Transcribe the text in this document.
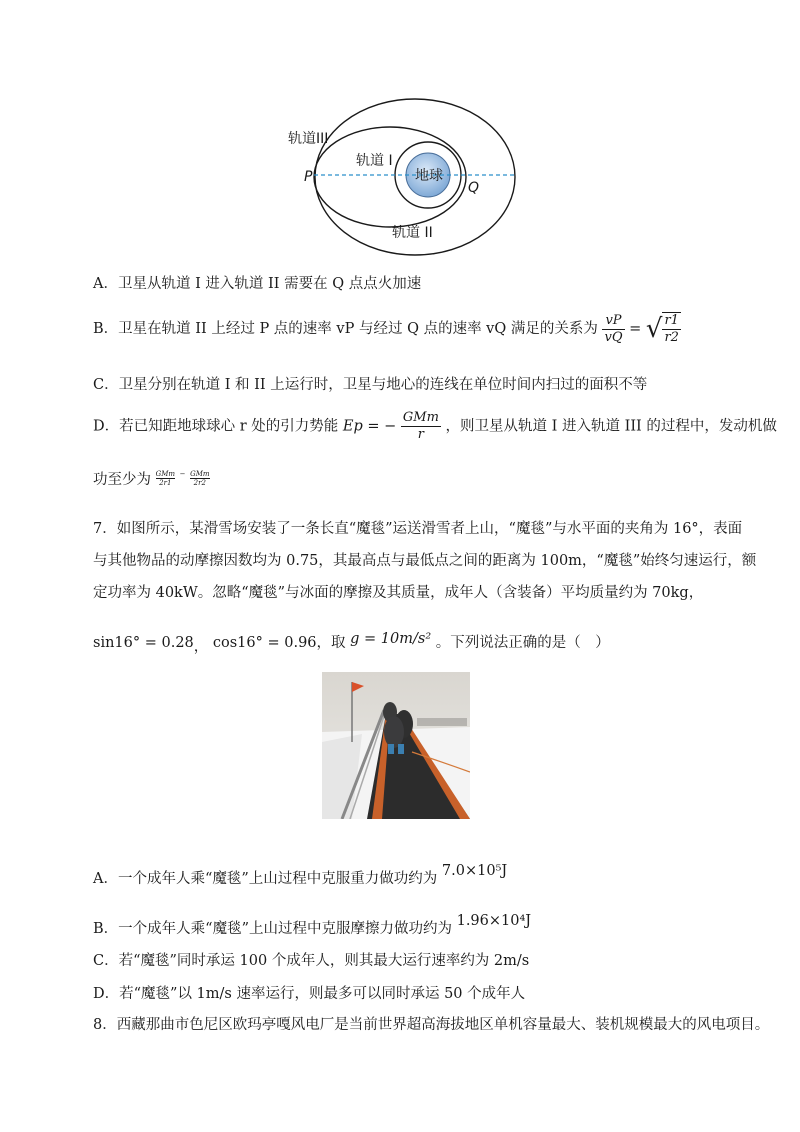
地球
轨道III
轨道 I
轨道 II
P
Q
A．卫星从轨道 I 进入轨道 II 需要在 Q 点点火加速
B．卫星在轨道 II 上经过 P 点的速率 vP 与经过 Q 点的速率 vQ 满足的关系为 $\frac{vP}{vQ}$ = √ $\frac{r1}{r2}$
C．卫星分别在轨道 I 和 II 上运行时，卫星与地心的连线在单位时间内扫过的面积不等
D．若已知距地球球心 r 处的引力势能 Ep = − $\frac{\text{GMm}}{r}$ ，则卫星从轨道 I 进入轨道 III 的过程中，发动机做
功至少为 $\frac{\text{GMm}}{2r1} ^- \frac{\text{GMm}}{2r2}$
7．如图所示，某滑雪场安装了一条长直“魔毯”运送滑雪者上山，“魔毯”与水平面的夹角为 16°，表面
与其他物品的动摩擦因数均为 0.75，其最高点与最低点之间的距离为 100m，“魔毯”始终匀速运行，额
定功率为 40kW。忽略“魔毯”与冰面的摩擦及其质量，成年人（含装备）平均质量约为 70kg，
sin16° = 0.28， cos16° = 0.96，取 g = 10m/s² 。下列说法正确的是（　）
A．一个成年人乘“魔毯”上山过程中克服重力做功约为 7.0×10⁵J
B．一个成年人乘“魔毯”上山过程中克服摩擦力做功约为 1.96×10⁴J
C．若“魔毯”同时承运 100 个成年人，则其最大运行速率约为 2m/s
D．若“魔毯”以 1m/s 速率运行，则最多可以同时承运 50 个成年人
8．西藏那曲市色尼区欧玛亭嘎风电厂是当前世界超高海拔地区单机容量最大、装机规模最大的风电项目。
